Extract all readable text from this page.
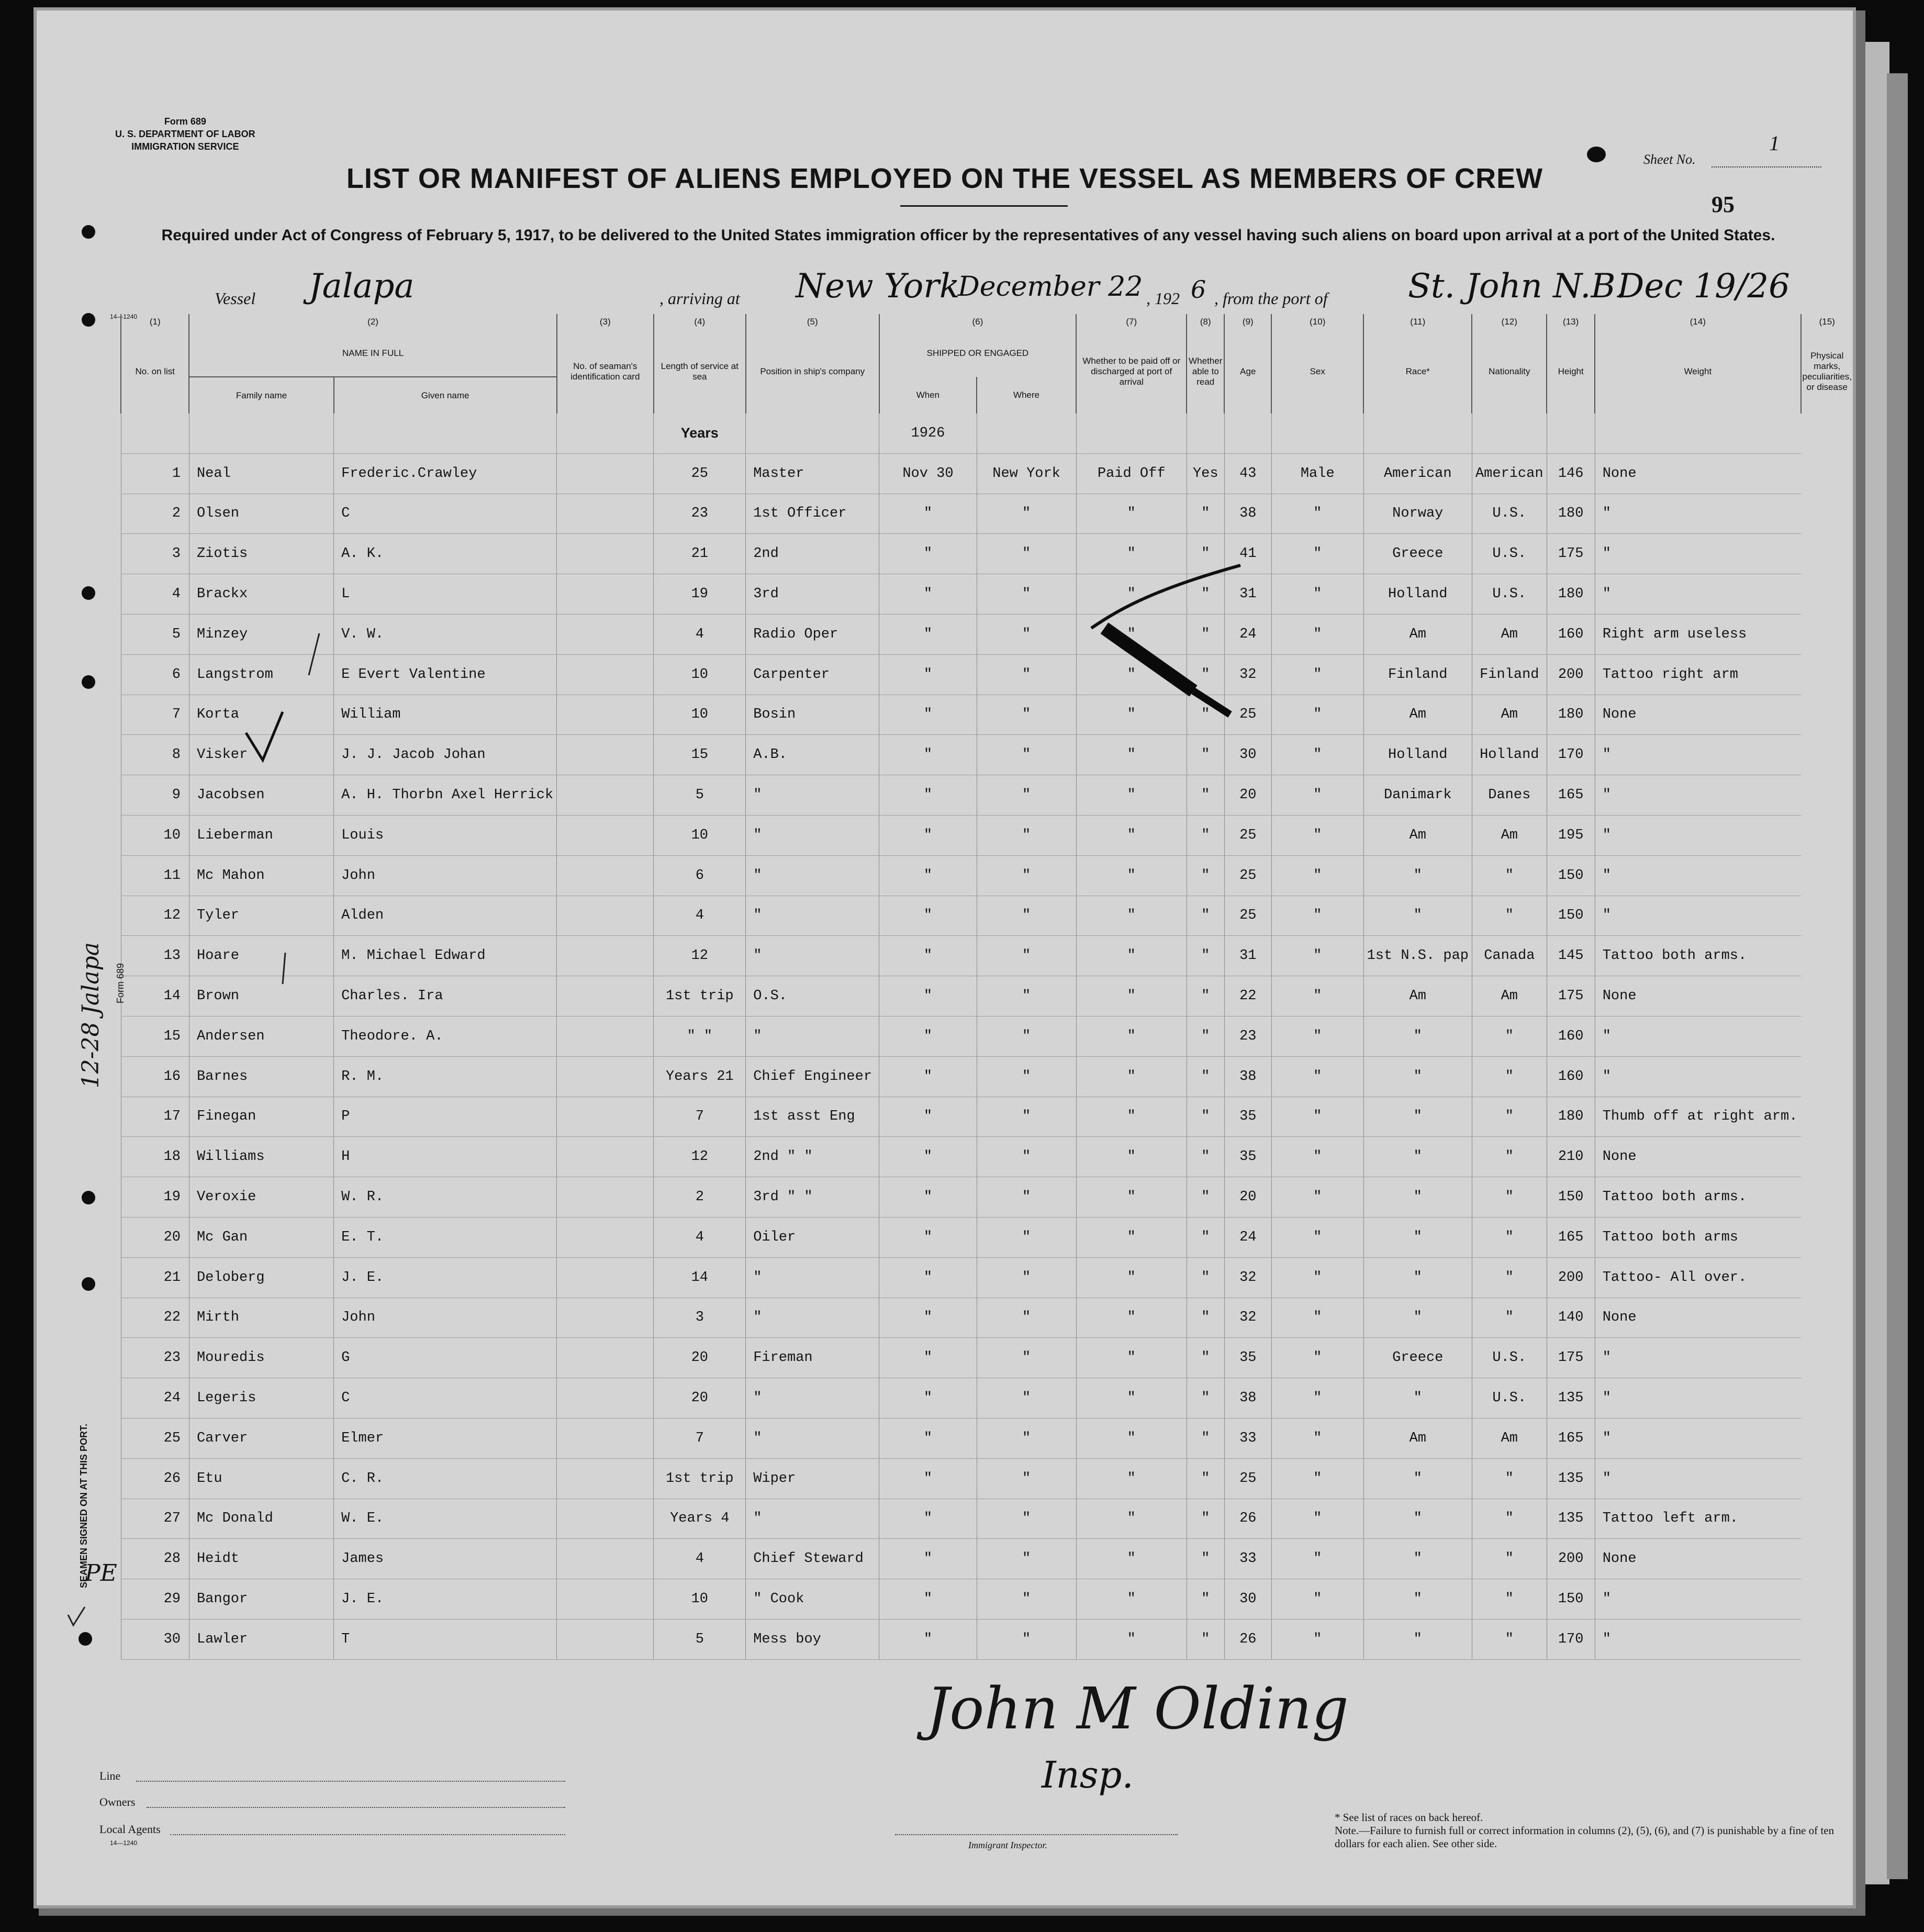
Form 689
U. S. DEPARTMENT OF LABOR
IMMIGRATION SERVICE
Sheet No.
1
95
LIST OR MANIFEST OF ALIENS EMPLOYED ON THE VESSEL AS MEMBERS OF CREW
Required under Act of Congress of February 5, 1917, to be delivered to the United States immigration officer by the representatives of any vessel having such aliens on board upon arrival at a port of the United States.
Vessel Jalapa	, arriving at New York
December 22 , 192 6 , from the port of St. John N.B.
Dec 19/26
14—1240 (1)	(2)		(3)	(4)	(5)	(6)		(7)	(8)	(9)	(10)	(11)	(12)	(13)	(14)	(15)
No. on list	NAME IN FULL		No. of seaman's identification card	Length of service at sea	Position in ship's company	SHIPPED OR ENGAGED		Whether to be paid off or discharged at port of arrival	Whether able to read	Age	Sex	Race*	Nationality	Height	Weight	Physical marks, peculiarities, or disease
	Family name	Given name				When	Where									
				Years		1926										
1	Neal	Frederic.Crawley		25	Master	Nov 30	New York	Paid Off	Yes	43	Male	American	American	146	None	
2	Olsen	C		23	1st Officer	"	"	"	"	38	"	Norway	U.S.	180	"	
3	Ziotis	A. K.		21	2nd	"	"	"	"	41	"	Greece	U.S.	175	"	
4	Brackx	L		19	3rd	"	"	"	"	31	"	Holland	U.S.	180	"	
5	Minzey	V. W.		4	Radio Oper	"	"	"	"	24	"	Am	Am	160	Right arm useless	
6	Langstrom	E Evert Valentine		10	Carpenter	"	"	"	"	32	"	Finland	Finland	200	Tattoo right arm	
7	Korta	William		10	Bosin	"	"	"	"	25	"	Am	Am	180	None	
8	Visker	J. J. Jacob Johan		15	A.B.	"	"	"	"	30	"	Holland	Holland	170	"	
9	Jacobsen	A. H. Thorbn Axel Herrick		5	"	"	"	"	"	20	"	Danimark	Danes	165	"	
10	Lieberman	Louis		10	"	"	"	"	"	25	"	Am	Am	195	"	
11	Mc Mahon	John		6	"	"	"	"	"	25	"	"	"	150	"	
12	Tyler	Alden		4	"	"	"	"	"	25	"	"	"	150	"	
13	Hoare	M. Michael Edward		12	"	"	"	"	"	31	"	1st N.S. pap	Canada	145	Tattoo both arms.	
14	Brown	Charles. Ira		1st trip	O.S.	"	"	"	"	22	"	Am	Am	175	None	
15	Andersen	Theodore. A.		" "	"	"	"	"	"	23	"	"	"	160	"	
16	Barnes	R. M.		Years 21	Chief Engineer	"	"	"	"	38	"	"	"	160	"	
17	Finegan	P		7	1st asst Eng	"	"	"	"	35	"	"	"	180	Thumb off at right arm.	
18	Williams	H		12	2nd " "	"	"	"	"	35	"	"	"	210	None	
19	Veroxie	W. R.		2	3rd " "	"	"	"	"	20	"	"	"	150	Tattoo both arms.	
20	Mc Gan	E. T.		4	Oiler	"	"	"	"	24	"	"	"	165	Tattoo both arms	
21	Deloberg	J. E.		14	"	"	"	"	"	32	"	"	"	200	Tattoo- All over.	
22	Mirth	John		3	"	"	"	"	"	32	"	"	"	140	None	
23	Mouredis	G		20	Fireman	"	"	"	"	35	"	Greece	U.S.	175	"	
24	Legeris	C		20	"	"	"	"	"	38	"	"	U.S.	135	"	
25	Carver	Elmer		7	"	"	"	"	"	33	"	Am	Am	165	"	
26	Etu	C. R.		1st trip	Wiper	"	"	"	"	25	"	"	"	135	"	
27	Mc Donald	W. E.		Years 4	"	"	"	"	"	26	"	"	"	135	Tattoo left arm.	
28	Heidt	James		4	Chief Steward	"	"	"	"	33	"	"	"	200	None	
29	Bangor	J. E.		10	" Cook	"	"	"	"	30	"	"	"	150	"	
30	Lawler	T		5	Mess boy	"	"	"	"	26	"	"	"	170	"	
12-28 Jalapa Form 689
SEAMEN SIGNED ON AT THIS PORT.
PE
John M Olding
Insp.
Line
Owners
Local Agents
14—1240	Immigrant Inspector.
* See list of races on back hereof.
Note.—Failure to furnish full or correct information in columns (2), (5), (6), and (7) is punishable by a fine of ten dollars for each alien. See other side.
